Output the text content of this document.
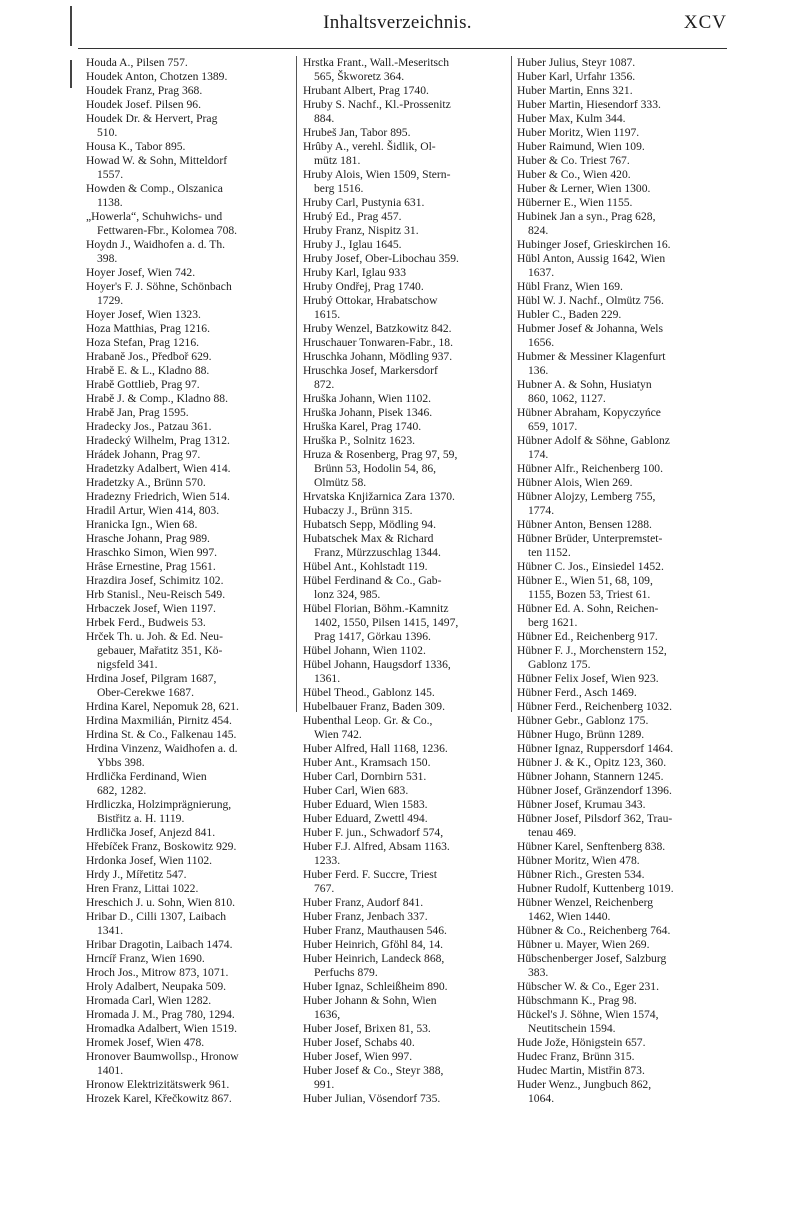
Inhaltsverzeichnis.	XCV
Houda A., Pilsen 757.
Houdek Anton, Chotzen 1389.
Houdek Franz, Prag 368.
Houdek Josef. Pilsen 96.
Houdek Dr. & Hervert, Prag
510.
Housa K., Tabor 895.
Howad W. & Sohn, Mitteldorf
1557.
Howden & Comp., Olszanica
1138.
„Howerla“, Schuhwichs- und
Fettwaren-Fbr., Kolomea 708.
Hoydn J., Waidhofen a. d. Th.
398.
Hoyer Josef, Wien 742.
Hoyer's F. J. Söhne, Schönbach
1729.
Hoyer Josef, Wien 1323.
Hoza Matthias, Prag 1216.
Hoza Stefan, Prag 1216.
Hrabanĕ Jos., Předboř 629.
Hrabĕ E. & L., Kladno 88.
Hrabĕ Gottlieb, Prag 97.
Hrabĕ J. & Comp., Kladno 88.
Hrabĕ Jan, Prag 1595.
Hradecky Jos., Patzau 361.
Hradecký Wilhelm, Prag 1312.
Hrádek Johann, Prag 97.
Hradetzky Adalbert, Wien 414.
Hradetzky A., Brünn 570.
Hradezny Friedrich, Wien 514.
Hradil Artur, Wien 414, 803.
Hranicka Ign., Wien 68.
Hrasche Johann, Prag 989.
Hraschko Simon, Wien 997.
Hrâse Ernestine, Prag 1561.
Hrazdira Josef, Schimitz 102.
Hrb Stanisl., Neu-Reisch 549.
Hrbaczek Josef, Wien 1197.
Hrbek Ferd., Budweis 53.
Hrček Th. u. Joh. & Ed. Neu-
gebauer, Mařatitz 351, Kö-
nigsfeld 341.
Hrdina Josef, Pilgram 1687,
Ober-Cerekwe 1687.
Hrdina Karel, Nepomuk 28, 621.
Hrdina Maxmilián, Pirnitz 454.
Hrdina St. & Co., Falkenau 145.
Hrdina Vinzenz, Waidhofen a. d.
Ybbs 398.
Hrdlička Ferdinand, Wien
682, 1282.
Hrdliczka, Holzimprägnierung,
Bistřitz a. H. 1119.
Hrdlička Josef, Anjezd 841.
Hřebíček Franz, Boskowitz 929.
Hrdonka Josef, Wien 1102.
Hrdy J., Mířetitz 547.
Hren Franz, Littai 1022.
Hreschich J. u. Sohn, Wien 810.
Hribar D., Cilli 1307, Laibach
1341.
Hribar Dragotin, Laibach 1474.
Hrncíř Franz, Wien 1690.
Hroch Jos., Mitrow 873, 1071.
Hroly Adalbert, Neupaka 509.
Hromada Carl, Wien 1282.
Hromada J. M., Prag 780, 1294.
Hromadka Adalbert, Wien 1519.
Hromek Josef, Wien 478.
Hronover Baumwollsp., Hronow
1401.
Hronow Elektrizitätswerk 961.
Hrozek Karel, Křečkowitz 867.
Hrstka Frant., Wall.-Meseritsch
565, Škworetz 364.
Hrubant Albert, Prag 1740.
Hruby S. Nachf., Kl.-Prossenitz
884.
Hrubeš Jan, Tabor 895.
Hrûby A., verehl. Šidlik, Ol-
mütz 181.
Hruby Alois, Wien 1509, Stern-
berg 1516.
Hruby Carl, Pustynia 631.
Hrubý Ed., Prag 457.
Hruby Franz, Nispitz 31.
Hruby J., Iglau 1645.
Hruby Josef, Ober-Libochau 359.
Hruby Karl, Iglau 933
Hruby Ondřej, Prag 1740.
Hrubý Ottokar, Hrabatschow
1615.
Hruby Wenzel, Batzkowitz 842.
Hruschauer Tonwaren-Fabr., 18.
Hruschka Johann, Mödling 937.
Hruschka Josef, Markersdorf
872.
Hruška Johann, Wien 1102.
Hruška Johann, Pisek 1346.
Hruška Karel, Prag 1740.
Hruška P., Solnitz 1623.
Hruza & Rosenberg, Prag 97, 59,
Brünn 53, Hodolin 54, 86,
Olmütz 58.
Hrvatska Knjižarnica Zara 1370.
Hubaczy J., Brünn 315.
Hubatsch Sepp, Mödling 94.
Hubatschek Max & Richard
Franz, Mürzzuschlag 1344.
Hübel Ant., Kohlstadt 119.
Hübel Ferdinand & Co., Gab-
lonz 324, 985.
Hübel Florian, Böhm.-Kamnitz
1402, 1550, Pilsen 1415, 1497,
Prag 1417, Görkau 1396.
Hübel Johann, Wien 1102.
Hübel Johann, Haugsdorf 1336,
1361.
Hübel Theod., Gablonz 145.
Hubelbauer Franz, Baden 309.
Hubenthal Leop. Gr. & Co.,
Wien 742.
Huber Alfred, Hall 1168, 1236.
Huber Ant., Kramsach 150.
Huber Carl, Dornbirn 531.
Huber Carl, Wien 683.
Huber Eduard, Wien 1583.
Huber Eduard, Zwettl 494.
Huber F. jun., Schwadorf 574,
Huber F.J. Alfred, Absam 1163.
1233.
Huber Ferd. F. Succre, Triest
767.
Huber Franz, Audorf 841.
Huber Franz, Jenbach 337.
Huber Franz, Mauthausen 546.
Huber Heinrich, Gföhl 84, 14.
Huber Heinrich, Landeck 868,
Perfuchs 879.
Huber Ignaz, Schleißheim 890.
Huber Johann & Sohn, Wien
1636,
Huber Josef, Brixen 81, 53.
Huber Josef, Schabs 40.
Huber Josef, Wien 997.
Huber Josef & Co., Steyr 388,
991.
Huber Julian, Vösendorf 735.
Huber Julius, Steyr 1087.
Huber Karl, Urfahr 1356.
Huber Martin, Enns 321.
Huber Martin, Hiesendorf 333.
Huber Max, Kulm 344.
Huber Moritz, Wien 1197.
Huber Raimund, Wien 109.
Huber & Co. Triest 767.
Huber & Co., Wien 420.
Huber & Lerner, Wien 1300.
Hüberner E., Wien 1155.
Hubinek Jan a syn., Prag 628,
824.
Hubinger Josef, Grieskirchen 16.
Hübl Anton, Aussig 1642, Wien
1637.
Hübl Franz, Wien 169.
Hübl W. J. Nachf., Olmütz 756.
Hubler C., Baden 229.
Hubmer Josef & Johanna, Wels
1656.
Hubmer & Messiner Klagenfurt
136.
Hubner A. & Sohn, Husiatyn
860, 1062, 1127.
Hübner Abraham, Kopyczyńce
659, 1017.
Hübner Adolf & Söhne, Gablonz
174.
Hübner Alfr., Reichenberg 100.
Hübner Alois, Wien 269.
Hübner Alojzy, Lemberg 755,
1774.
Hübner Anton, Bensen 1288.
Hübner Brüder, Unterpremstet-
ten 1152.
Hübner C. Jos., Einsiedel 1452.
Hübner E., Wien 51, 68, 109,
1155, Bozen 53, Triest 61.
Hübner Ed. A. Sohn, Reichen-
berg 1621.
Hübner Ed., Reichenberg 917.
Hübner F. J., Morchenstern 152,
Gablonz 175.
Hübner Felix Josef, Wien 923.
Hübner Ferd., Asch 1469.
Hübner Ferd., Reichenberg 1032.
Hübner Gebr., Gablonz 175.
Hübner Hugo, Brünn 1289.
Hübner Ignaz, Ruppersdorf 1464.
Hübner J. & K., Opitz 123, 360.
Hübner Johann, Stannern 1245.
Hübner Josef, Gränzendorf 1396.
Hübner Josef, Krumau 343.
Hübner Josef, Pilsdorf 362, Trau-
tenau 469.
Hübner Karel, Senftenberg 838.
Hübner Moritz, Wien 478.
Hübner Rich., Gresten 534.
Hubner Rudolf, Kuttenberg 1019.
Hübner Wenzel, Reichenberg
1462, Wien 1440.
Hübner & Co., Reichenberg 764.
Hübner u. Mayer, Wien 269.
Hübschenberger Josef, Salzburg
383.
Hübscher W. & Co., Eger 231.
Hübschmann K., Prag 98.
Hückel's J. Söhne, Wien 1574,
Neutitschein 1594.
Hude Jože, Hönigstein 657.
Hudec Franz, Brünn 315.
Hudec Martin, Mistřin 873.
Huder Wenz., Jungbuch 862,
1064.
